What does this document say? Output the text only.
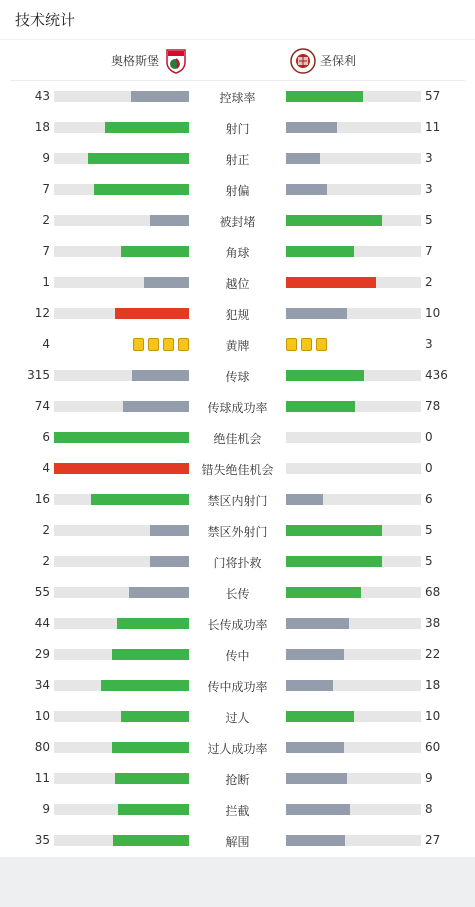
技术统计
奥格斯堡	圣保利
43	控球率	57
18	射门	11
9	射正	3
7	射偏	3
2	被封堵	5
7	角球	7
1	越位	2
12	犯规	10
4	黄牌	3
315	传球	436
74	传球成功率	78
6	绝佳机会	0
4	错失绝佳机会	0
16	禁区内射门	6
2	禁区外射门	5
2	门将扑救	5
55	长传	68
44	长传成功率	38
29	传中	22
34	传中成功率	18
10	过人	10
80	过人成功率	60
11	抢断	9
9	拦截	8
35	解围	27
